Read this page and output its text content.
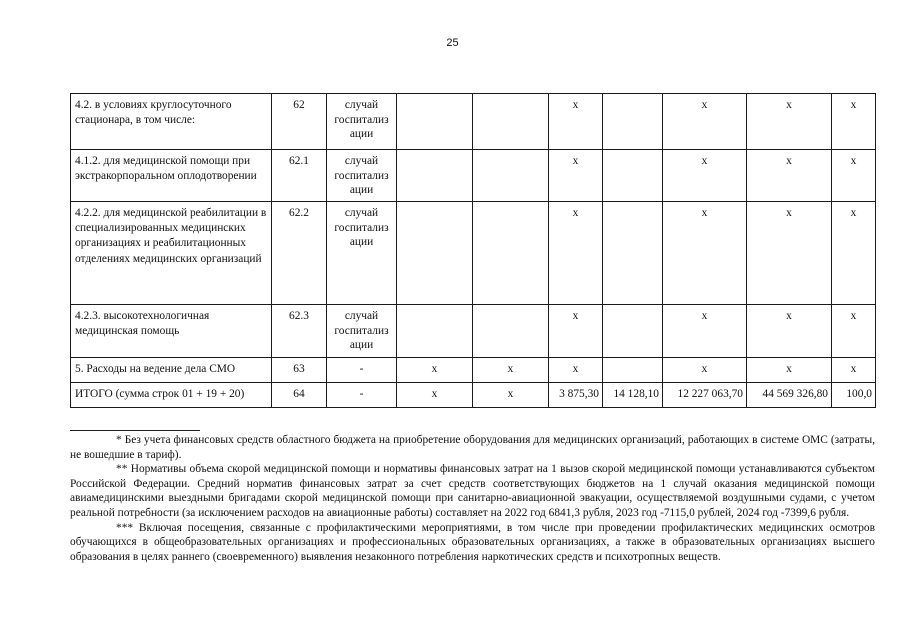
25
4.2. в условиях круглосуточного стационара, в том числе:	62	случай госпитализ ации			x		x	x	x
4.1.2. для медицинской помощи при экстракорпоральном оплодотворении	62.1	случай госпитализ ации			x		x	x	x
4.2.2. для медицинской реабилитации в специализированных медицинских организациях и реабилитационных отделениях медицинских организаций	62.2	случай госпитализ ации			x		x	x	x
4.2.3. высокотехнологичная медицинская помощь	62.3	случай госпитализ ации			x		x	x	x
5. Расходы на ведение дела СМО	63	-	x	x	x		x	x	x
ИТОГО (сумма строк 01 + 19 + 20)	64	-	x	x	3 875,30	14 128,10	12 227 063,70	44 569 326,80	100,0

* Без учета финансовых средств областного бюджета на приобретение оборудования для медицинских организаций, работающих в системе ОМС (затраты, не вошедшие в тариф).

** Нормативы объема скорой медицинской помощи и нормативы финансовых затрат на 1 вызов скорой медицинской помощи устанавливаются субъектом Российской Федерации. Средний норматив финансовых затрат за счет средств соответствующих бюджетов на 1 случай оказания медицинской помощи авиамедицинскими выездными бригадами скорой медицинской помощи при санитарно-авиационной эвакуации, осуществляемой воздушными судами, с учетом реальной потребности (за исключением расходов на авиационные работы) составляет на 2022 год 6841,3 рубля, 2023 год -7115,0 рублей, 2024 год -7399,6 рубля.

*** Включая посещения, связанные с профилактическими мероприятиями, в том числе при проведении профилактических медицинских осмотров обучающихся в общеобразовательных организациях и профессиональных образовательных организациях, а также в образовательных организациях высшего образования в целях раннего (своевременного) выявления незаконного потребления наркотических средств и психотропных веществ.
